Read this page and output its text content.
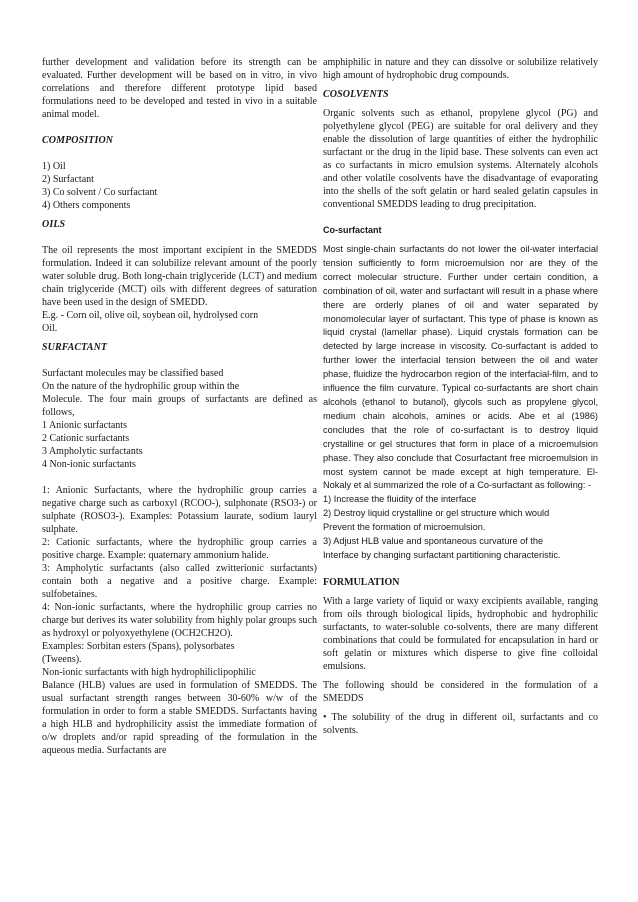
further development and validation before its strength can be evaluated. Further development will be based on in vitro, in vivo correlations and therefore different prototype lipid based formulations need to be developed and tested in vivo in a suitable animal model.

COMPOSITION

1) Oil
2) Surfactant
3) Co solvent / Co surfactant
4) Others components

OILS

The oil represents the most important excipient in the SMEDDS formulation. Indeed it can solubilize relevant amount of the poorly water soluble drug. Both long-chain triglyceride (LCT) and medium chain triglyceride (MCT) oils with different degrees of saturation have been used in the design of SMEDD.

E.g. - Corn oil, olive oil, soybean oil, hydrolysed corn
Oil.

SURFACTANT

Surfactant molecules may be classified based
On the nature of the hydrophilic group within the

Molecule. The four main groups of surfactants are defined as follows,

1 Anionic surfactants
2 Cationic surfactants
3 Ampholytic surfactants
4 Non-ionic surfactants

1: Anionic Surfactants, where the hydrophilic group carries a negative charge such as carboxyl (RCOO-), sulphonate (RSO3-) or sulphate (ROSO3-). Examples: Potassium laurate, sodium lauryl sulphate.

2: Cationic surfactants, where the hydrophilic group carries a positive charge. Example: quaternary ammonium halide.

3: Ampholytic surfactants (also called zwitterionic surfactants) contain both a negative and a positive charge. Example: sulfobetaines.

4: Non-ionic surfactants, where the hydrophilic group carries no charge but derives its water solubility from highly polar groups such as hydroxyl or polyoxyethylene (OCH2CH2O).

Examples: Sorbitan esters (Spans), polysorbates
(Tweens).
Non-ionic surfactants with high hydrophiliclipophilic

Balance (HLB) values are used in formulation of SMEDDS. The usual surfactant strength ranges between 30-60% w/w of the formulation in order to form a stable SMEDDS. Surfactants having a high HLB and hydrophilicity assist the immediate formation of o/w droplets and/or rapid spreading of the formulation in the aqueous media. Surfactants are

amphiphilic in nature and they can dissolve or solubilize relatively high amount of hydrophobic drug compounds.

COSOLVENTS

Organic solvents such as ethanol, propylene glycol (PG) and polyethylene glycol (PEG) are suitable for oral delivery and they enable the dissolution of large quantities of either the hydrophilic surfactant or the drug in the lipid base. These solvents can even act as co surfactants in micro emulsion systems. Alternately alcohols and other volatile cosolvents have the disadvantage of evaporating into the shells of the soft gelatin or hard sealed gelatin capsules in conventional SMEDDS leading to drug precipitation.

Co-surfactant

Most single-chain surfactants do not lower the oil-water interfacial tension sufficiently to form microemulsion nor are they of the correct molecular structure. Further under certain condition, a combination of oil, water and surfactant will result in a phase where there are orderly planes of oil and water separated by monomolecular layer of surfactant. This type of phase is known as liquid crystal (lamellar phase). Liquid crystals formation can be detected by large increase in viscosity. Co-surfactant is added to further lower the interfacial tension between the oil and water phase, fluidize the hydrocarbon region of the interfacial-film, and to influence the film curvature. Typical co-surfactants are short chain alcohols (ethanol to butanol), glycols such as propylene glycol, medium chain alcohols, amines or acids. Abe et al (1986) concludes that the role of co-surfactant is to destroy liquid crystalline or gel structures that form in place of a microemulsion phase. They also conclude that Cosurfactant free microemulsion in most system cannot be made except at high temperature. El-Nokaly et al summarized the role of a Co-surfactant as following: -

1) Increase the fluidity of the interface

2) Destroy liquid crystalline or gel structure which would

Prevent the formation of microemulsion.

3) Adjust HLB value and spontaneous curvature of the

Interface by changing surfactant partitioning characteristic.

FORMULATION

With a large variety of liquid or waxy excipients available, ranging from oils through biological lipids, hydrophobic and hydrophilic surfactants, to water-soluble co-solvents, there are many different combinations that could be formulated for encapsulation in hard or soft gelatin or mixtures which disperse to give fine colloidal emulsions.

The following should be considered in the formulation of a SMEDDS

• The solubility of the drug in different oil, surfactants and co solvents.
